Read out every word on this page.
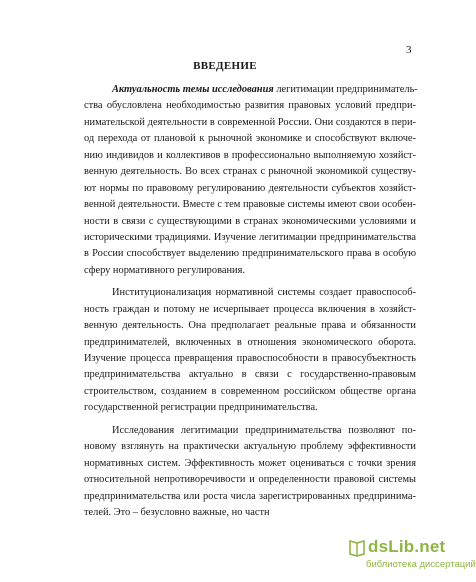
3
ВВЕДЕНИЕ
Актуальность темы исследования легитимации предприниматель-
ства обусловлена необходимостью развития правовых условий предпри-
нимательской деятельности в современной России. Они создаются в пери-
од перехода от плановой к рыночной экономике и способствуют включе-
нию индивидов и коллективов в профессионально выполняемую хозяйст-
венную деятельность. Во всех странах с рыночной экономикой существу-
ют нормы по правовому регулированию деятельности субъектов хозяйст-
венной деятельности. Вместе с тем правовые системы имеют свои особен-
ности в связи с существующими в странах экономическими условиями и
историческими традициями. Изучение легитимации предпринимательства
в России способствует выделению предпринимательского права в особую
сферу нормативного регулирования.
Институционализация нормативной системы создает правоспособ-
ность граждан и потому не исчерпывает процесса включения в хозяйст-
венную деятельность. Она предполагает реальные права и обязанности
предпринимателей, включенных в отношения экономического оборота.
Изучение процесса превращения правоспособности в правосубъектность
предпринимательства актуально в связи с государственно-правовым
строительством, созданием в современном российском обществе органа
государственной регистрации предпринимательства.
Исследования легитимации предпринимательства позволяют по-
новому взглянуть на практически актуальную проблему эффективности
нормативных систем. Эффективность может оцениваться с точки зрения
относительной непротиворечивости и определенности правовой системы
предпринимательства или роста числа зарегистрированных предпринима-
телей. Это – безусловно важные, но частн
dsLib.net
библиотека диссертаций
